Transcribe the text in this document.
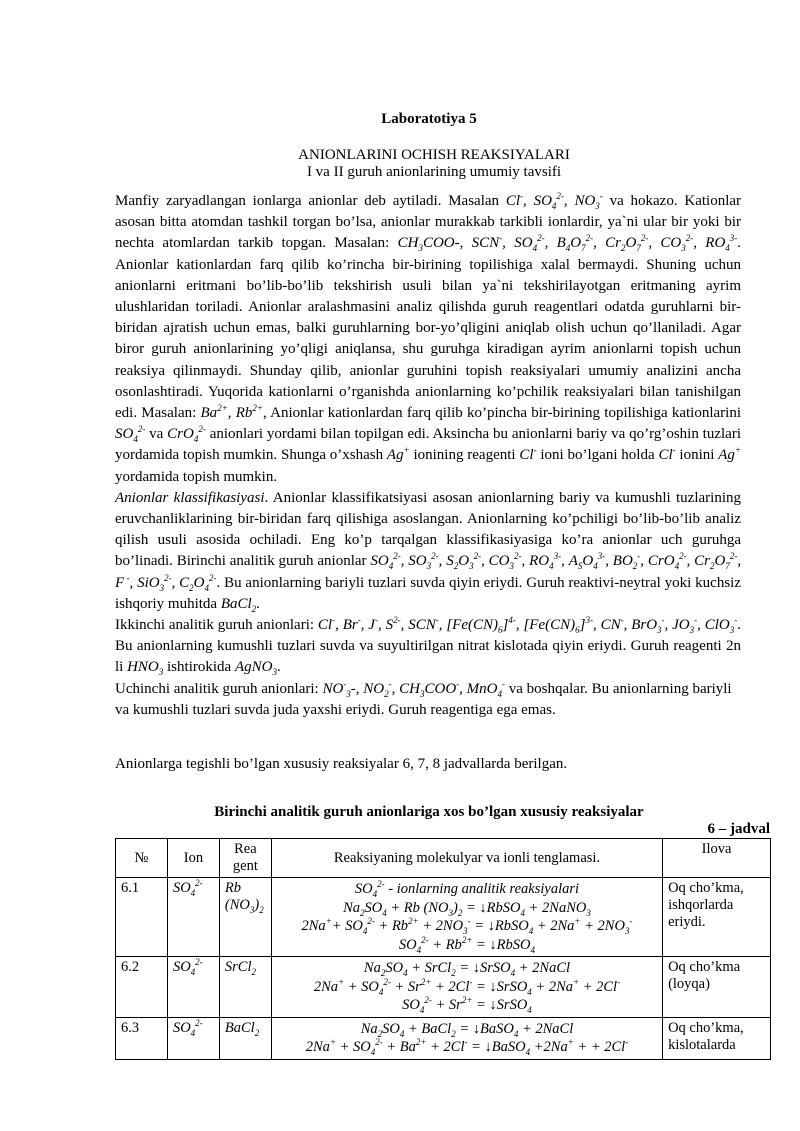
Laboratotiya 5
ANIONLARINI OCHISH REAKSIYALARI
I va II guruh anionlarining umumiy tavsifi

Manfiy zaryadlangan ionlarga anionlar deb aytiladi. Masalan Cl-, $SO_4^{2-}$, $NO_3^-$ va hokazo. Kationlar asosan bitta atomdan tashkil torgan bo’lsa, anionlar murakkab tarkibli ionlardir, ya`ni ular bir yoki bir nechta atomlardan tarkib topgan. Masalan: $CH_3COO-$, SCN-, $SO_4^{2-}$, $B_4O_7^{2-}$, $Cr_2O_7^{2-}$, $CO_3^{2-}$, $RO_4^{3-}$. Anionlar kationlardan farq qilib ko’rincha bir-birining topilishiga xalal bermaydi. Shuning uchun anionlarni eritmani bo’lib-bo’lib tekshirish usuli bilan ya`ni tekshirilayotgan eritmaning ayrim ulushlaridan toriladi. Anionlar aralashmasini analiz qilishda guruh reagentlari odatda guruhlarni bir-biridan ajratish uchun emas, balki guruhlarning bor-yo’qligini aniqlab olish uchun qo’llaniladi. Agar biror guruh anionlarining yo’qligi aniqlansa, shu guruhga kiradigan ayrim anionlarni topish uchun reaksiya qilinmaydi. Shunday qilib, anionlar guruhini topish reaksiyalari umumiy analizini ancha osonlashtiradi. Yuqorida kationlarni o’rganishda anionlarning ko’pchilik reaksiyalari bilan tanishilgan edi. Masalan: $Ba^{2+}$, $Rb^{2+}$, Anionlar kationlardan farq qilib ko’pincha bir-birining topilishiga kationlarini $SO_4^{2-}$ va CrO$_4^{2-}$ anionlari yordami bilan topilgan edi. Aksincha bu anionlarni bariy va qo’rg’oshin tuzlari yordamida topish mumkin. Shunga o’xshash Ag+ ionining reagenti Cl- ioni bo’lgani holda Cl- ionini Ag+ yordamida topish mumkin.

Anionlar klassifikasiyasi. Anionlar klassifikatsiyasi asosan anionlarning bariy va kumushli tuzlarining eruvchanliklarining bir-biridan farq qilishiga asoslangan. Anionlarning ko’pchiligi bo’lib-bo’lib analiz qilish usuli asosida ochiladi. Eng ko’p tarqalgan klassifikasiyasiga ko’ra anionlar uch guruhga bo’linadi. Birinchi analitik guruh anionlar $SO_4^{2-}$, $SO_3^{2-}$, $S_2O_3^{2-}$, $CO_3^{2-}$, $RO_4^{3-}$, $A_SO_4^{3-}$, $BO_2^-$, CrO$_4^{2-}$, $Cr_2O_7^{2-}$, F -, SiO$_3^{2-}$, $C_2O_4^{2-}$. Bu anionlarning bariyli tuzlari suvda qiyin eriydi. Guruh reaktivi-neytral yoki kuchsiz ishqoriy muhitda BaCl$_2$.

Ikkinchi analitik guruh anionlari: Cl-, Br-, J-, $S^{2-}$, SCN-, $[Fe(CN)_6]^{4-}$, $[Fe(CN)_6]^{3-}$, CN-, BrO$_3$-, $JO_3^-$, ClO$_3$-. Bu anionlarning kumushli tuzlari suvda va suyultirilgan nitrat kislotada qiyin eriydi. Guruh reagenti 2n li $HNO_3$ ishtirokida AgNO$_3$.

Uchinchi analitik guruh anionlari: $NO^-_3-$, $NO_2^-$, $CH_3COO^-$, MnO$_4$- va boshqalar. Bu anionlarning bariyli va kumushli tuzlari suvda juda yaxshi eriydi. Guruh reagentiga ega emas.

Anionlarga tegishli bo’lgan xususiy reaksiyalar 6, 7, 8 jadvallarda berilgan.
Birinchi analitik guruh anionlariga xos bo’lgan xususiy reaksiyalar
6 – jadval
№	Ion	Rea gent	Reaksiyaning molekulyar va ionli tenglamasi.	Ilova
6.1	$SO_4^{2-}$	Rb $(NO_3)_2$	$SO_4^{2-}$ - ionlarning analitik reaksiyalari
$Na_2SO_4 + Rb$ $(NO_3)_2$ = ↓RbSO$_4$ + 2NaNO$_3$
$2Na^++ SO_4^{2-} + Rb^{2+} + 2NO_3^-$ = ↓RbSO$_4$ + $2Na^+ + 2NO_3^-$
$SO_4^{2-} + Rb^{2+}$ = ↓RbSO$_4$	Oq cho’kma, ishqorlarda eriydi.
6.2	$SO_4^{2-}$	SrCl$_2$	$Na_2SO_4$ + SrCl$_2$ = ↓SrSO$_4$ + 2NaCl
$2Na^+ + SO_4^{2-} + Sr^{2+} + 2Cl^-$ = ↓SrSO$_4$ + 2Na+ + 2Cl-
$SO_4^{2-} + Sr^{2+}$ = ↓SrSO$_4$	Oq cho’kma (loyqa)
6.3	$SO_4^{2-}$	BaCl$_2$	$Na_2SO_4$ + BaCl$_2$ = ↓BaSO$_4$ + 2NaCl
$2Na^+ + SO_4^{2-} + Ba^{2+} + 2Cl^-$ = ↓BaSO$_4$ +2Na+ + + 2Cl-	Oq cho’kma, kislotalarda
